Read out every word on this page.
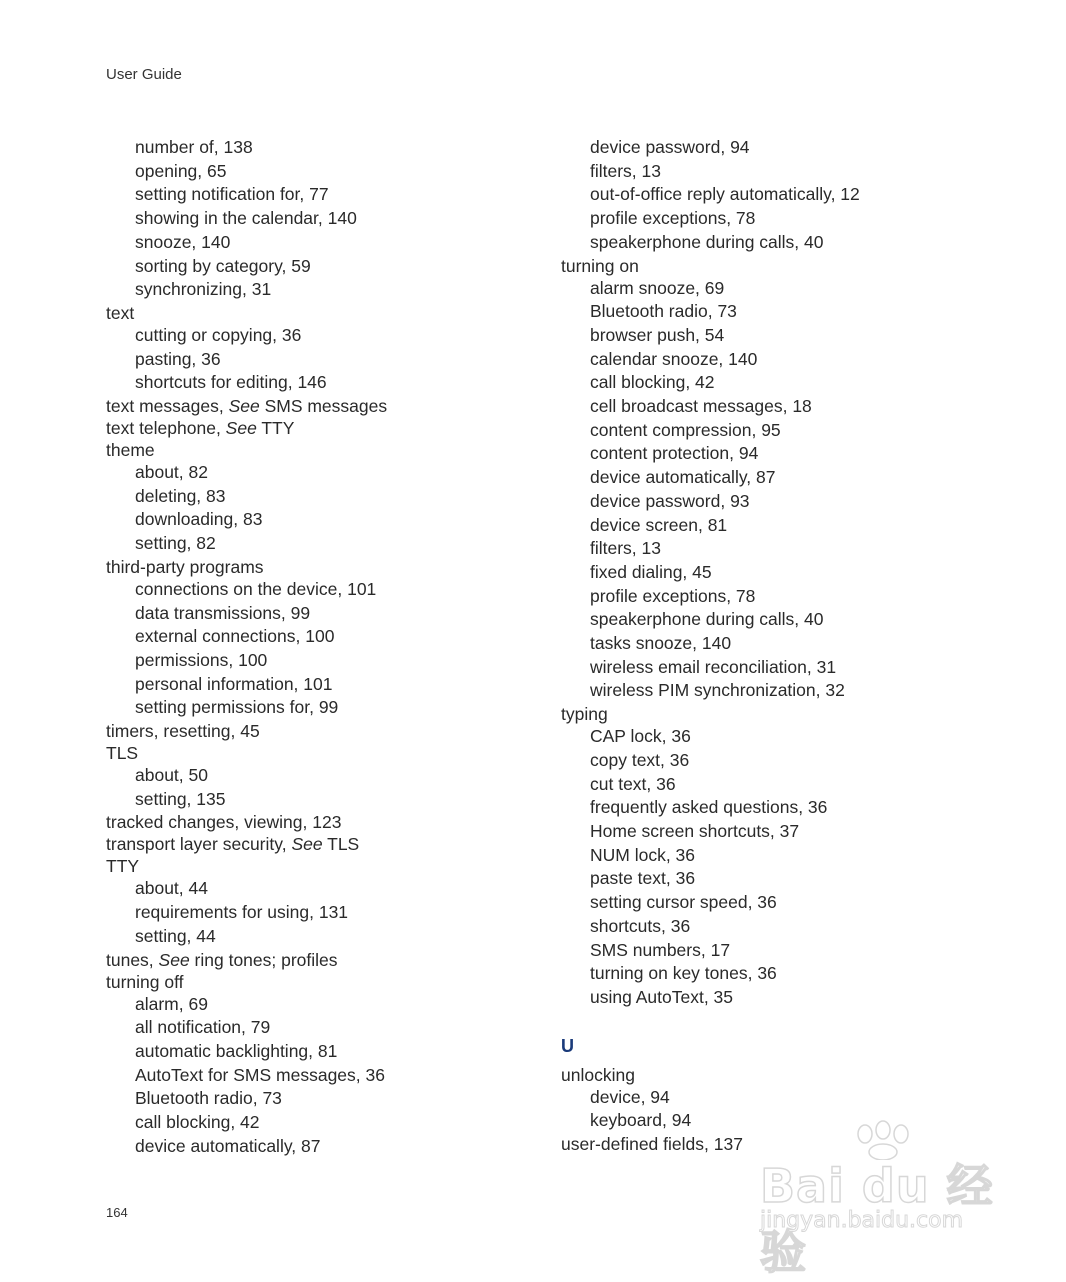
User Guide
number of, 138
opening, 65
setting notification for, 77
showing in the calendar, 140
snooze, 140
sorting by category, 59
synchronizing, 31
text
cutting or copying, 36
pasting, 36
shortcuts for editing, 146
text messages, See SMS messages
text telephone, See TTY
theme
about, 82
deleting, 83
downloading, 83
setting, 82
third-party programs
connections on the device, 101
data transmissions, 99
external connections, 100
permissions, 100
personal information, 101
setting permissions for, 99
timers, resetting, 45
TLS
about, 50
setting, 135
tracked changes, viewing, 123
transport layer security, See TLS
TTY
about, 44
requirements for using, 131
setting, 44
tunes, See ring tones; profiles
turning off
alarm, 69
all notification, 79
automatic backlighting, 81
AutoText for SMS messages, 36
Bluetooth radio, 73
call blocking, 42
device automatically, 87
device password, 94
filters, 13
out-of-office reply automatically, 12
profile exceptions, 78
speakerphone during calls, 40
turning on
alarm snooze, 69
Bluetooth radio, 73
browser push, 54
calendar snooze, 140
call blocking, 42
cell broadcast messages, 18
content compression, 95
content protection, 94
device automatically, 87
device password, 93
device screen, 81
filters, 13
fixed dialing, 45
profile exceptions, 78
speakerphone during calls, 40
tasks snooze, 140
wireless email reconciliation, 31
wireless PIM synchronization, 32
typing
CAP lock, 36
copy text, 36
cut text, 36
frequently asked questions, 36
Home screen shortcuts, 37
NUM lock, 36
paste text, 36
setting cursor speed, 36
shortcuts, 36
SMS numbers, 17
turning on key tones, 36
using AutoText, 35
U
unlocking
device, 94
keyboard, 94
user-defined fields, 137
164	Bai du 经验
jingyan.baidu.com
